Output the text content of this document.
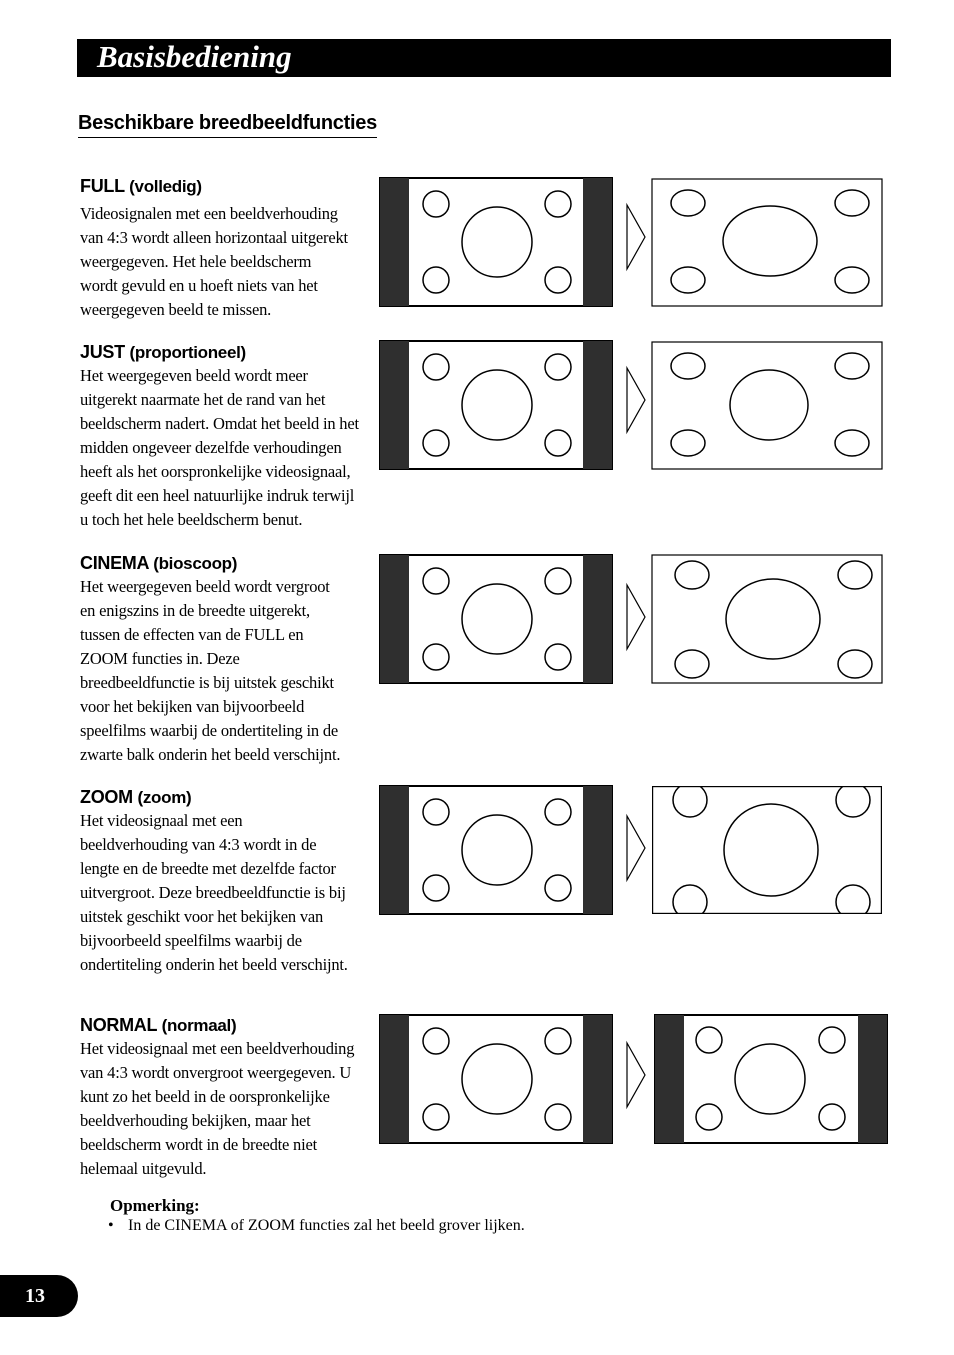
Basisbediening
Beschikbare breedbeeldfuncties
FULL (volledig)
Videosignalen met een beeldverhouding
van 4:3 wordt alleen horizontaal uitgerekt
weergegeven. Het hele beeldscherm
wordt gevuld en u hoeft niets van het
weergegeven beeld te missen.
JUST (proportioneel)
Het weergegeven beeld wordt meer
uitgerekt naarmate het de rand van het
beeldscherm nadert. Omdat het beeld in het
midden ongeveer dezelfde verhoudingen
heeft als het oorspronkelijke videosignaal,
geeft dit een heel natuurlijke indruk terwijl
u toch het hele beeldscherm benut.
CINEMA (bioscoop)
Het weergegeven beeld wordt vergroot
en enigszins in de breedte uitgerekt,
tussen de effecten van de FULL en
ZOOM functies in. Deze
breedbeeldfunctie is bij uitstek geschikt
voor het bekijken van bijvoorbeeld
speelfilms waarbij de ondertiteling in de
zwarte balk onderin het beeld verschijnt.
ZOOM (zoom)
Het videosignaal met een
beeldverhouding van 4:3 wordt in de
lengte en de breedte met dezelfde factor
uitvergroot. Deze breedbeeldfunctie is bij
uitstek geschikt voor het bekijken van
bijvoorbeeld speelfilms waarbij de
ondertiteling onderin het beeld verschijnt.
NORMAL (normaal)
Het videosignaal met een beeldverhouding
van 4:3 wordt onvergroot weergegeven. U
kunt zo het beeld in de oorspronkelijke
beeldverhouding bekijken, maar het
beeldscherm wordt in de breedte niet
helemaal uitgevuld.
Opmerking:
• In de CINEMA of ZOOM functies zal het beeld grover lijken.
13
